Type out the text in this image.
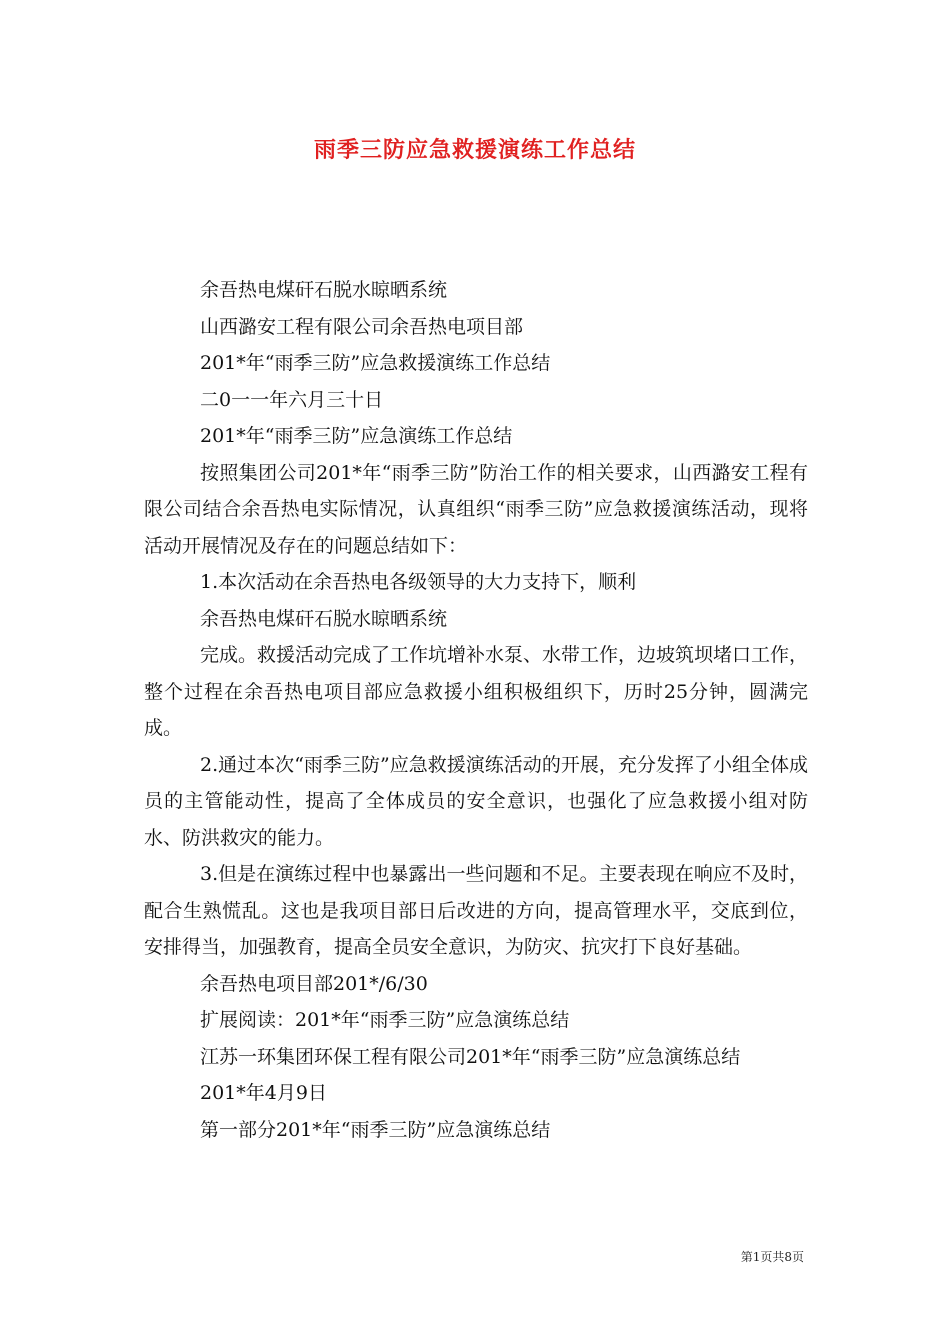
雨季三防应急救援演练工作总结

余吾热电煤矸石脱水晾晒系统

山西潞安工程有限公司余吾热电项目部

201*年“雨季三防”应急救援演练工作总结

二0一一年六月三十日

201*年“雨季三防”应急演练工作总结

按照集团公司201*年“雨季三防”防治工作的相关要求，山西潞安工程有限公司结合余吾热电实际情况，认真组织“雨季三防”应急救援演练活动，现将活动开展情况及存在的问题总结如下：

1.本次活动在余吾热电各级领导的大力支持下，顺利

余吾热电煤矸石脱水晾晒系统

完成。救援活动完成了工作坑增补水泵、水带工作，边坡筑坝堵口工作，整个过程在余吾热电项目部应急救援小组积极组织下，历时25分钟，圆满完成。

2.通过本次“雨季三防”应急救援演练活动的开展，充分发挥了小组全体成员的主管能动性，提高了全体成员的安全意识，也强化了应急救援小组对防水、防洪救灾的能力。

3.但是在演练过程中也暴露出一些问题和不足。主要表现在响应不及时，配合生熟慌乱。这也是我项目部日后改进的方向，提高管理水平，交底到位，安排得当，加强教育，提高全员安全意识，为防灾、抗灾打下良好基础。

余吾热电项目部201*/6/30

扩展阅读：201*年“雨季三防”应急演练总结

江苏一环集团环保工程有限公司201*年“雨季三防”应急演练总结

201*年4月9日

第一部分201*年“雨季三防”应急演练总结

第1页共8页
